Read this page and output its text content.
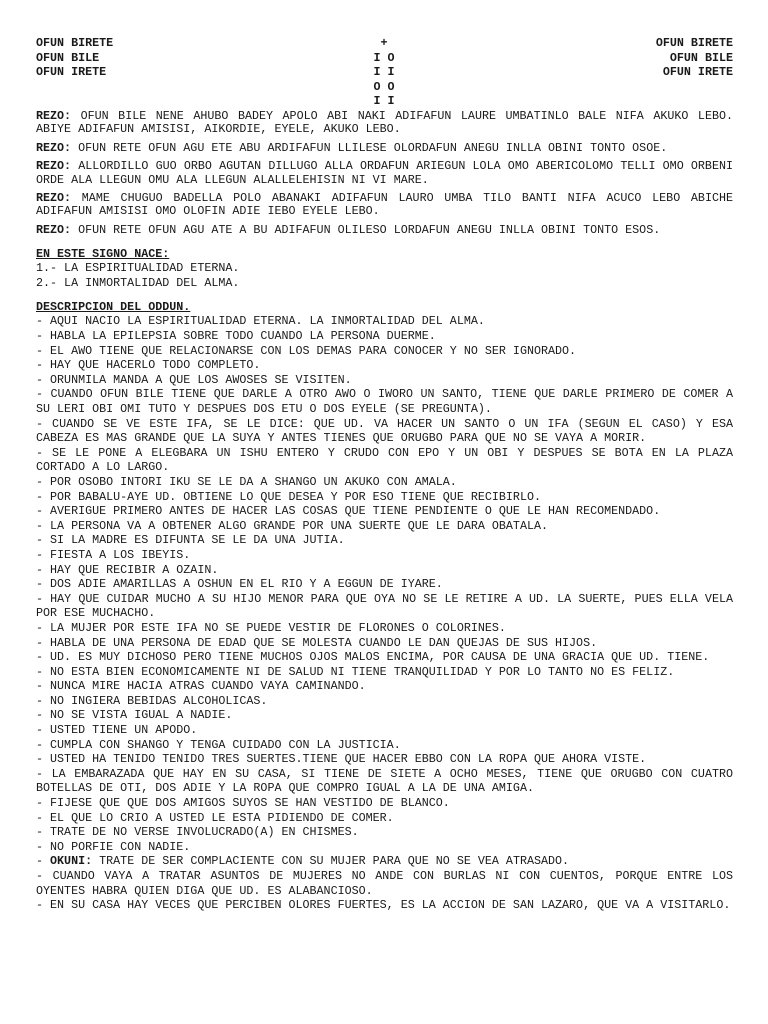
OFUN BIRETE
OFUN BILE
OFUN IRETE
+
I O
I I
O O
I I
OFUN BIRETE
OFUN BILE
OFUN IRETE

REZO: OFUN BILE NENE AHUBO BADEY APOLO ABI NAKI ADIFAFUN LAURE UMBATINLO BALE NIFA AKUKO LEBO. ABIYE ADIFAFUN AMISISI, AIKORDIE, EYELE, AKUKO LEBO.

REZO: OFUN RETE OFUN AGU ETE ABU ARDIFAFUN LLILESE OLORDAFUN ANEGU INLLA OBINI TONTO OSOE.

REZO: ALLORDILLO GUO ORBO AGUTAN DILLUGO ALLA ORDAFUN ARIEGUN LOLA OMO ABERICOLOMO TELLI OMO ORBENI ORDE ALA LLEGUN OMU ALA LLEGUN ALALLELEHISIN NI VI MARE.

REZO: MAME CHUGUO BADELLA POLO ABANAKI ADIFAFUN LAURO UMBA TILO BANTI NIFA ACUCO LEBO ABICHE ADIFAFUN AMISISI OMO OLOFIN ADIE IEBO EYELE LEBO.

REZO: OFUN RETE OFUN AGU ATE A BU ADIFAFUN OLILESO LORDAFUN ANEGU INLLA OBINI TONTO ESOS.

EN ESTE SIGNO NACE:
1.- LA ESPIRITUALIDAD ETERNA.
2.- LA INMORTALIDAD DEL ALMA.
DESCRIPCION DEL ODDUN.
- AQUI NACIO LA ESPIRITUALIDAD ETERNA. LA INMORTALIDAD DEL ALMA.
- HABLA LA EPILEPSIA SOBRE TODO CUANDO LA PERSONA DUERME.
- EL AWO TIENE QUE RELACIONARSE CON LOS DEMAS PARA CONOCER Y NO SER IGNORADO.
- HAY QUE HACERLO TODO COMPLETO.
- ORUNMILA MANDA A QUE LOS AWOSES SE VISITEN.
- CUANDO OFUN BILE TIENE QUE DARLE A OTRO AWO O IWORO UN SANTO, TIENE QUE DARLE PRIMERO DE COMER A SU LERI OBI OMI TUTO Y DESPUES DOS ETU O DOS EYELE (SE PREGUNTA).
- CUANDO SE VE ESTE IFA, SE LE DICE: QUE UD. VA HACER UN SANTO O UN IFA (SEGUN EL CASO) Y ESA CABEZA ES MAS GRANDE QUE LA SUYA Y ANTES TIENES QUE ORUGBO PARA QUE NO SE VAYA A MORIR.
- SE LE PONE A ELEGBARA UN ISHU ENTERO Y CRUDO CON EPO Y UN OBI Y DESPUES SE BOTA EN LA PLAZA CORTADO A LO LARGO.
- POR OSOBO INTORI IKU SE LE DA A SHANGO UN AKUKO CON AMALA.
- POR BABALU-AYE UD. OBTIENE LO QUE DESEA Y POR ESO TIENE QUE RECIBIRLO.
- AVERIGUE PRIMERO ANTES DE HACER LAS COSAS QUE TIENE PENDIENTE O QUE LE HAN RECOMENDADO.
- LA PERSONA VA A OBTENER ALGO GRANDE POR UNA SUERTE QUE LE DARA OBATALA.
- SI LA MADRE ES DIFUNTA SE LE DA UNA JUTIA.
- FIESTA A LOS IBEYIS.
- HAY QUE RECIBIR A OZAIN.
- DOS ADIE AMARILLAS A OSHUN EN EL RIO Y A EGGUN DE IYARE.
- HAY QUE CUIDAR MUCHO A SU HIJO MENOR PARA QUE OYA NO SE LE RETIRE A UD. LA SUERTE, PUES ELLA VELA POR ESE MUCHACHO.
- LA MUJER POR ESTE IFA NO SE PUEDE VESTIR DE FLORONES O COLORINES.
- HABLA DE UNA PERSONA DE EDAD QUE SE MOLESTA CUANDO LE DAN QUEJAS DE SUS HIJOS.
- UD. ES MUY DICHOSO PERO TIENE MUCHOS OJOS MALOS ENCIMA, POR CAUSA DE UNA GRACIA QUE UD. TIENE.
- NO ESTA BIEN ECONOMICAMENTE NI DE SALUD NI TIENE TRANQUILIDAD Y POR LO TANTO NO ES FELIZ.
- NUNCA MIRE HACIA ATRAS CUANDO VAYA CAMINANDO.
- NO INGIERA BEBIDAS ALCOHOLICAS.
- NO SE VISTA IGUAL A NADIE.
- USTED TIENE UN APODO.
- CUMPLA CON SHANGO Y TENGA CUIDADO CON LA JUSTICIA.
- USTED HA TENIDO TENIDO TRES SUERTES.TIENE QUE HACER EBBO CON LA ROPA QUE AHORA VISTE.
- LA EMBARAZADA QUE HAY EN SU CASA, SI TIENE DE SIETE A OCHO MESES, TIENE QUE ORUGBO CON CUATRO BOTELLAS DE OTI, DOS ADIE Y LA ROPA QUE COMPRO IGUAL A LA DE UNA AMIGA.
- FIJESE QUE QUE DOS AMIGOS SUYOS SE HAN VESTIDO DE BLANCO.
- EL QUE LO CRIO A USTED LE ESTA PIDIENDO DE COMER.
- TRATE DE NO VERSE INVOLUCRADO(A) EN CHISMES.
- NO PORFIE CON NADIE.
- OKUNI: TRATE DE SER COMPLACIENTE CON SU MUJER PARA QUE NO SE VEA ATRASADO.
- CUANDO VAYA A TRATAR ASUNTOS DE MUJERES NO ANDE CON BURLAS NI CON CUENTOS, PORQUE ENTRE LOS OYENTES HABRA QUIEN DIGA QUE UD. ES ALABANCIOSO.
- EN SU CASA HAY VECES QUE PERCIBEN OLORES FUERTES, ES LA ACCION DE SAN LAZARO, QUE VA A VISITARLO.
